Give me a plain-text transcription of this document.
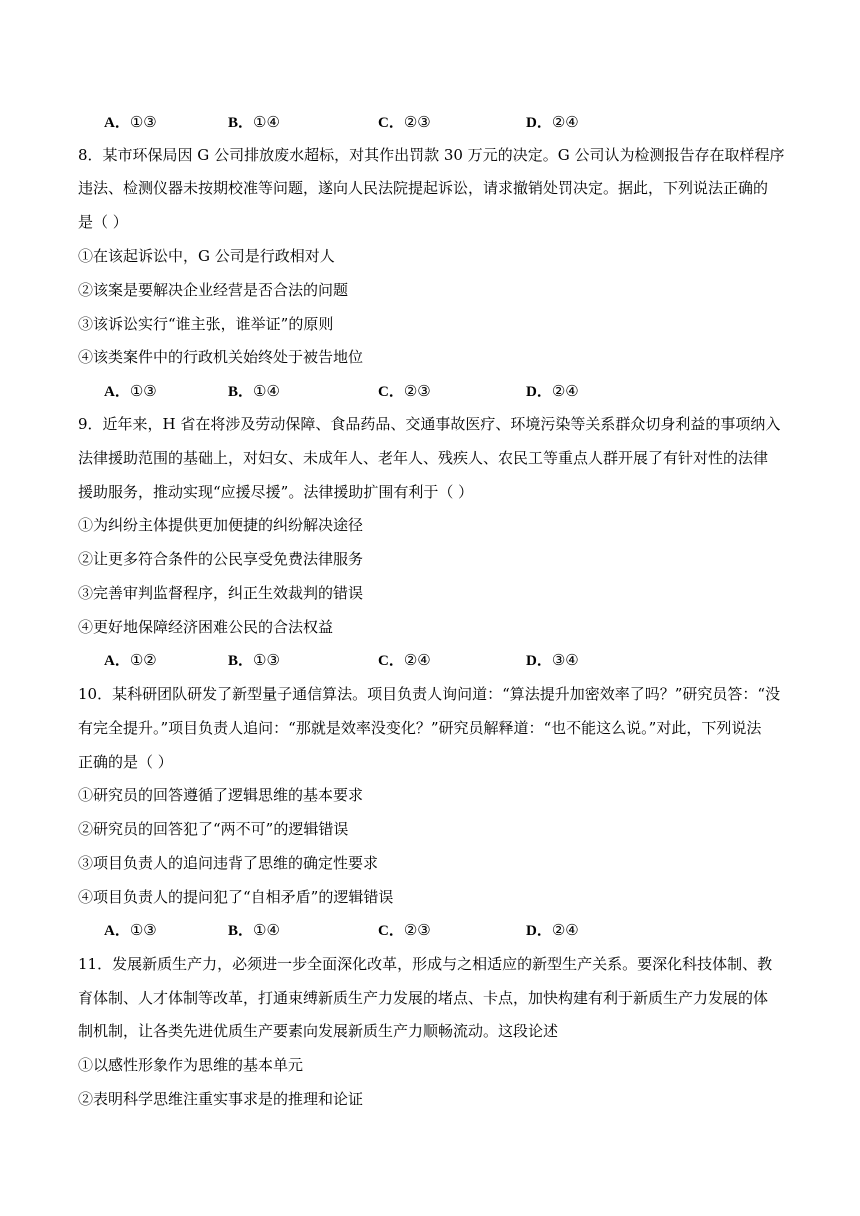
A．①③	B．①④	C．②③	D．②④
8．某市环保局因 G 公司排放废水超标，对其作出罚款 30 万元的决定。G 公司认为检测报告存在取样程序
违法、检测仪器未按期校准等问题，遂向人民法院提起诉讼，请求撤销处罚决定。据此，下列说法正确的
是（ ）
①在该起诉讼中，G 公司是行政相对人
②该案是要解决企业经营是否合法的问题
③该诉讼实行“谁主张，谁举证”的原则
④该类案件中的行政机关始终处于被告地位
A．①③	B．①④	C．②③	D．②④
9．近年来，H 省在将涉及劳动保障、食品药品、交通事故医疗、环境污染等关系群众切身利益的事项纳入
法律援助范围的基础上，对妇女、未成年人、老年人、残疾人、农民工等重点人群开展了有针对性的法律
援助服务，推动实现“应援尽援”。法律援助扩围有利于（ ）
①为纠纷主体提供更加便捷的纠纷解决途径
②让更多符合条件的公民享受免费法律服务
③完善审判监督程序，纠正生效裁判的错误
④更好地保障经济困难公民的合法权益
A．①②	B．①③	C．②④	D．③④
10．某科研团队研发了新型量子通信算法。项目负责人询问道：“算法提升加密效率了吗？”研究员答：“没
有完全提升。”项目负责人追问：“那就是效率没变化？”研究员解释道：“也不能这么说。”对此，下列说法
正确的是（ ）
①研究员的回答遵循了逻辑思维的基本要求
②研究员的回答犯了“两不可”的逻辑错误
③项目负责人的追问违背了思维的确定性要求
④项目负责人的提问犯了“自相矛盾”的逻辑错误
A．①③	B．①④	C．②③	D．②④
11．发展新质生产力，必须进一步全面深化改革，形成与之相适应的新型生产关系。要深化科技体制、教
育体制、人才体制等改革，打通束缚新质生产力发展的堵点、卡点，加快构建有利于新质生产力发展的体
制机制，让各类先进优质生产要素向发展新质生产力顺畅流动。这段论述
①以感性形象作为思维的基本单元
②表明科学思维注重实事求是的推理和论证
